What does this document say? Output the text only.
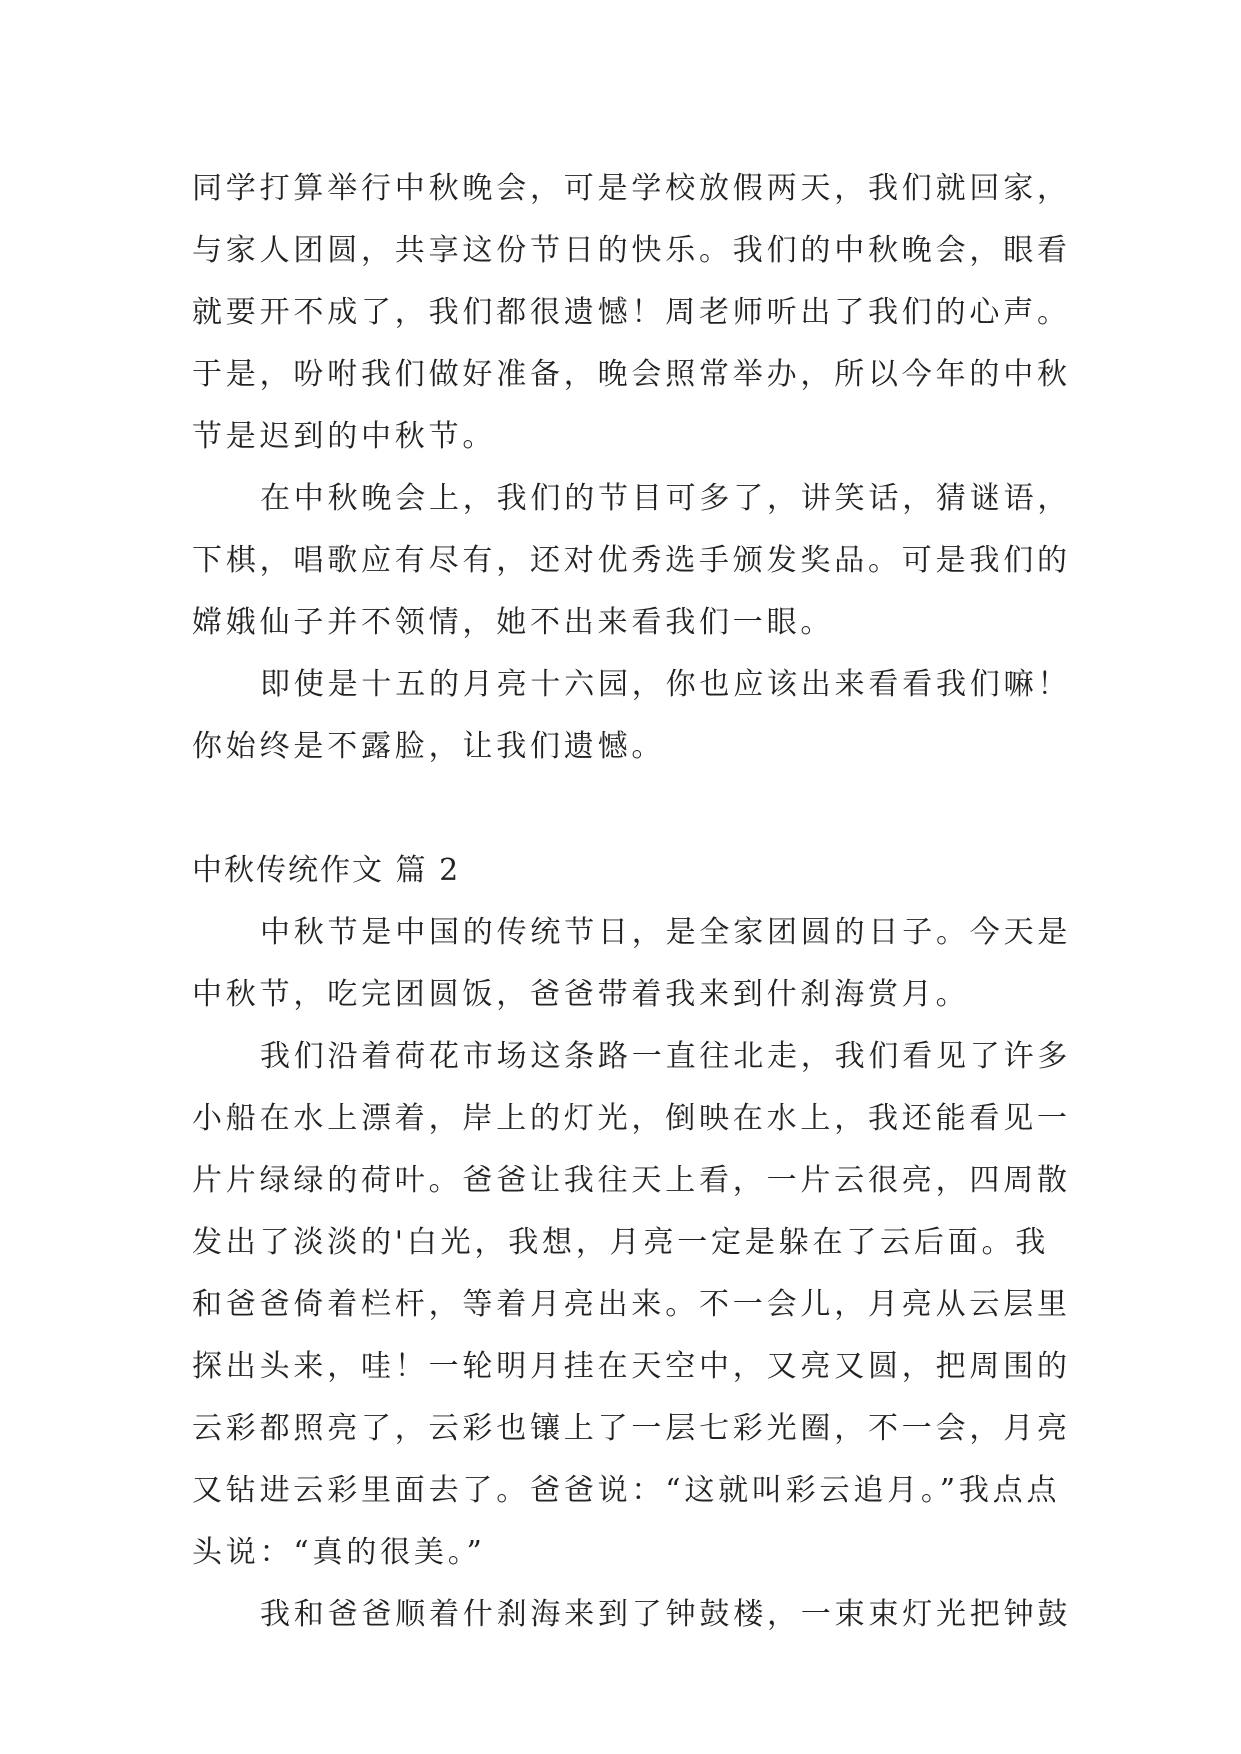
同学打算举行中秋晚会，可是学校放假两天，我们就回家，
与家人团圆，共享这份节日的快乐。我们的中秋晚会，眼看
就要开不成了，我们都很遗憾！周老师听出了我们的心声。
于是，吩咐我们做好准备，晚会照常举办，所以今年的中秋
节是迟到的中秋节。
在中秋晚会上，我们的节目可多了，讲笑话，猜谜语，
下棋，唱歌应有尽有，还对优秀选手颁发奖品。可是我们的
嫦娥仙子并不领情，她不出来看我们一眼。
即使是十五的月亮十六园，你也应该出来看看我们嘛！
你始终是不露脸，让我们遗憾。
中秋传统作文 篇 2
中秋节是中国的传统节日，是全家团圆的日子。今天是
中秋节，吃完团圆饭，爸爸带着我来到什刹海赏月。
我们沿着荷花市场这条路一直往北走，我们看见了许多
小船在水上漂着，岸上的灯光，倒映在水上，我还能看见一
片片绿绿的荷叶。爸爸让我往天上看，一片云很亮，四周散
发出了淡淡的'白光，我想，月亮一定是躲在了云后面。我
和爸爸倚着栏杆，等着月亮出来。不一会儿，月亮从云层里
探出头来，哇！一轮明月挂在天空中，又亮又圆，把周围的
云彩都照亮了，云彩也镶上了一层七彩光圈，不一会，月亮
又钻进云彩里面去了。爸爸说：“这就叫彩云追月。”我点点
头说：“真的很美。”
我和爸爸顺着什刹海来到了钟鼓楼，一束束灯光把钟鼓
